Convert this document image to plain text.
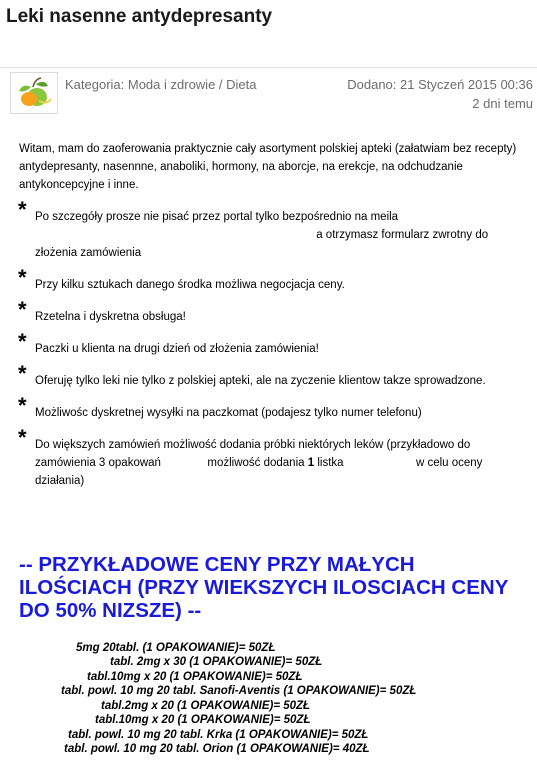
Leki nasenne antydepresanty
Kategoria: Moda i zdrowie / Dieta	Dodano: 21 Styczeń 2015 00:36
2 dni temu

Witam, mam do zaoferowania praktycznie cały asortyment polskiej apteki (załatwiam bez recepty) antydepresanty, nasennne, anaboliki, hormony, na aborcje, na erekcje, na odchudzanie antykoncepcyjne i inne.

* Po szczegóły prosze nie pisać przez portal tylko bezpośrednio na meila
a otrzymasz formularz zwrotny do złożenia zamówienia
* Przy kilku sztukach danego środka możliwa negocjacja ceny.
* Rzetelna i dyskretna obsługa!
* Paczki u klienta na drugi dzień od złożenia zamówienia!
* Oferuję tylko leki nie tylko z polskiej apteki, ale na zyczenie klientow takze sprowadzone.
* Możliwośc dyskretnej wysyłki na paczkomat (podajesz tylko numer telefonu)
* Do większych zamówień możliwość dodania próbki niektórych leków (przykładowo do zamówienia 3 opakowań	możliwość dodania 1 listka	w celu oceny działania)
-- PRZYKŁADOWE CENY PRZY MAŁYCH ILOŚCIACH (PRZY WIEKSZYCH ILOSCIACH CENY DO 50% NIZSZE) --
5mg 20tabl. (1 OPAKOWANIE)= 50ZŁ
tabl. 2mg x 30 (1 OPAKOWANIE)= 50ZŁ
tabl.10mg x 20 (1 OPAKOWANIE)= 50ZŁ
tabl. powl. 10 mg 20 tabl. Sanofi-Aventis (1 OPAKOWANIE)= 50ZŁ
tabl.2mg x 20 (1 OPAKOWANIE)= 50ZŁ
tabl.10mg x 20 (1 OPAKOWANIE)= 50ZŁ
tabl. powl. 10 mg 20 tabl. Krka (1 OPAKOWANIE)= 50ZŁ
tabl. powl. 10 mg 20 tabl. Orion (1 OPAKOWANIE)= 40ZŁ
